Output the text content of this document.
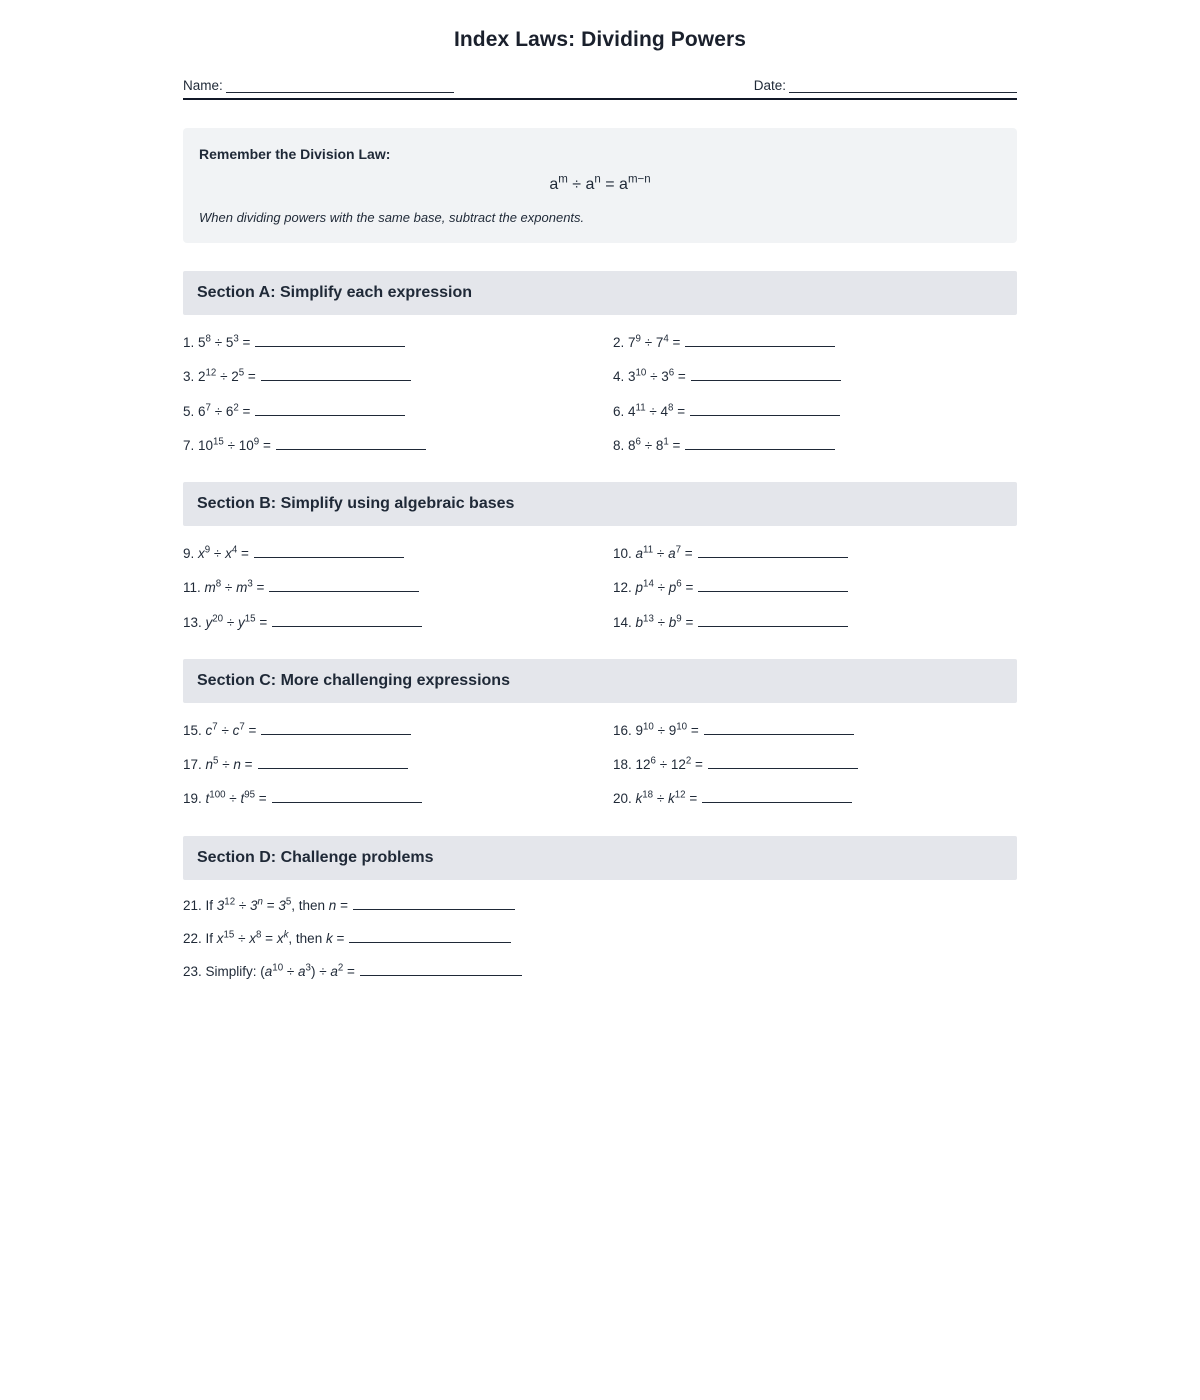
Index Laws: Dividing Powers
Name:	Date:

Remember the Division Law:

$a^m \div a^n = a^{m-n}$

When dividing powers with the same base, subtract the exponents.

Section A: Simplify each expression
1. $5^8 \div 5^3$ =	2. $7^9 \div 7^4$ =
3. $2^{12} \div 2^5$ =	4. $3^{10} \div 3^6$ =
5. $6^7 \div 6^2$ =	6. $4^{11} \div 4^8$ =
7. $10^{15} \div 10^9$ =	8. $8^6 \div 8^1$ =
Section B: Simplify using algebraic bases
9. $x^9 \div x^4$ =	10. $a^{11} \div a^7$ =
11. $m^8 \div m^3$ =	12. $p^{14} \div p^6$ =
13. $y^{20} \div y^{15}$ =	14. $b^{13} \div b^9$ =
Section C: More challenging expressions
15. $c^7 \div c^7$ =	16. $9^{10} \div 9^{10}$ =
17. $n^5 \div n$ =	18. $12^6 \div 12^2$ =
19. $t^{100} \div t^{95}$ =	20. $k^{18} \div k^{12}$ =
Section D: Challenge problems
21. If $3^{12} \div 3^n = 3^5$, then n =
22. If $x^{15} \div x^8 = x^k$, then k =
23. Simplify: $(a^{10} \div a^3) \div a^2$ =
